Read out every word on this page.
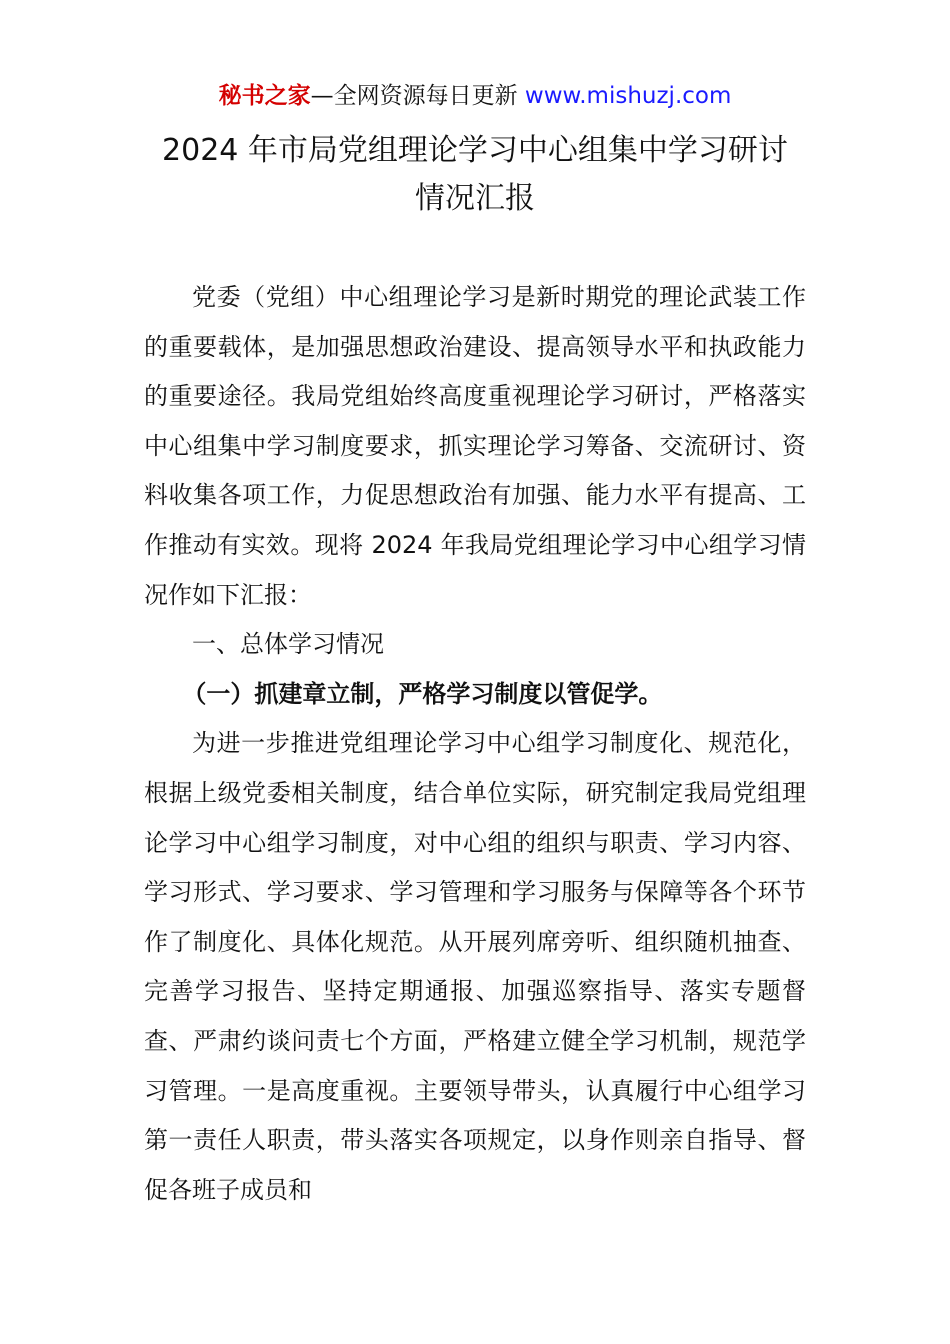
秘书之家—全网资源每日更新 www.mishuzj.com
2024 年市局党组理论学习中心组集中学习研讨
情况汇报

党委（党组）中心组理论学习是新时期党的理论武装工作的重要载体，是加强思想政治建设、提高领导水平和执政能力的重要途径。我局党组始终高度重视理论学习研讨，严格落实中心组集中学习制度要求，抓实理论学习筹备、交流研讨、资料收集各项工作，力促思想政治有加强、能力水平有提高、工作推动有实效。现将 2024 年我局党组理论学习中心组学习情况作如下汇报：

一、总体学习情况

（一）抓建章立制，严格学习制度以管促学。

为进一步推进党组理论学习中心组学习制度化、规范化，根据上级党委相关制度，结合单位实际，研究制定我局党组理论学习中心组学习制度，对中心组的组织与职责、学习内容、学习形式、学习要求、学习管理和学习服务与保障等各个环节作了制度化、具体化规范。从开展列席旁听、组织随机抽查、完善学习报告、坚持定期通报、加强巡察指导、落实专题督查、严肃约谈问责七个方面，严格建立健全学习机制，规范学习管理。一是高度重视。主要领导带头，认真履行中心组学习第一责任人职责，带头落实各项规定，以身作则亲自指导、督促各班子成员和
